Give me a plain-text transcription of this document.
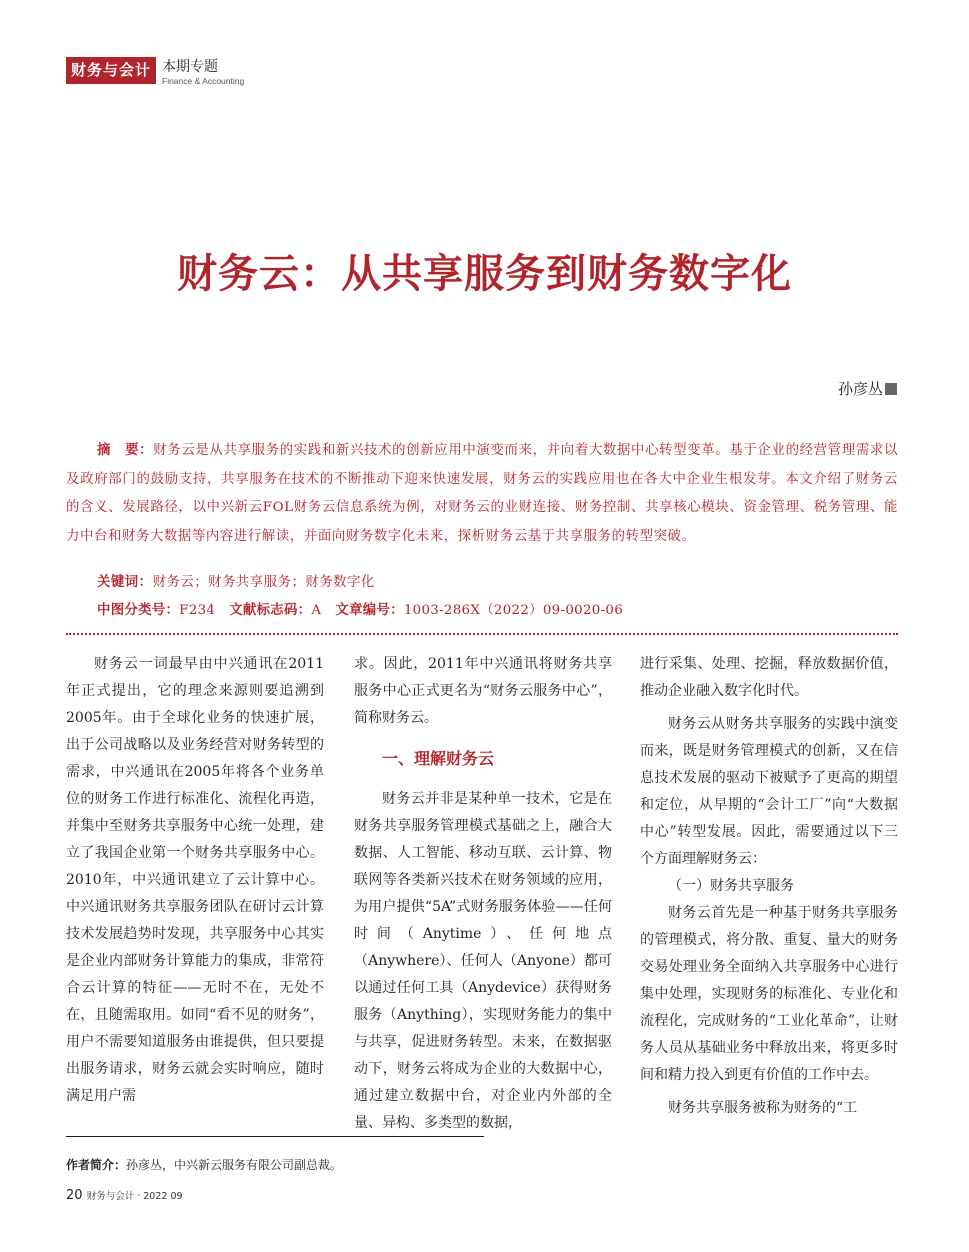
财务与会计 本期专题
Finance & Accounting
财务云：从共享服务到财务数字化
孙彦丛
摘　要：财务云是从共享服务的实践和新兴技术的创新应用中演变而来，并向着大数据中心转型变革。基于企业的经营管理需求以及政府部门的鼓励支持，共享服务在技术的不断推动下迎来快速发展，财务云的实践应用也在各大中企业生根发芽。本文介绍了财务云的含义、发展路径，以中兴新云FOL财务云信息系统为例，对财务云的业财连接、财务控制、共享核心模块、资金管理、税务管理、能力中台和财务大数据等内容进行解读，并面向财务数字化未来，探析财务云基于共享服务的转型突破。
关键词：财务云；财务共享服务；财务数字化
中图分类号：F234 文献标志码：A 文章编号：1003-286X（2022）09-0020-06

财务云一词最早由中兴通讯在2011年正式提出，它的理念来源则要追溯到2005年。由于全球化业务的快速扩展，出于公司战略以及业务经营对财务转型的需求，中兴通讯在2005年将各个业务单位的财务工作进行标准化、流程化再造，并集中至财务共享服务中心统一处理，建立了我国企业第一个财务共享服务中心。2010年，中兴通讯建立了云计算中心。中兴通讯财务共享服务团队在研讨云计算技术发展趋势时发现，共享服务中心其实是企业内部财务计算能力的集成，非常符合云计算的特征——无时不在，无处不在，且随需取用。如同“看不见的财务”，用户不需要知道服务由谁提供，但只要提出服务请求，财务云就会实时响应，随时满足用户需

求。因此，2011年中兴通讯将财务共享服务中心正式更名为“财务云服务中心”，简称财务云。

一、理解财务云

财务云并非是某种单一技术，它是在财务共享服务管理模式基础之上，融合大数据、人工智能、移动互联、云计算、物联网等各类新兴技术在财务领域的应用，为用户提供“5A”式财务服务体验——任何时间（Anytime）、任何地点（Anywhere）、任何人（Anyone）都可以通过任何工具（Anydevice）获得财务服务（Anything），实现财务能力的集中与共享，促进财务转型。未来，在数据驱动下，财务云将成为企业的大数据中心，通过建立数据中台，对企业内外部的全量、异构、多类型的数据，

进行采集、处理、挖掘，释放数据价值，推动企业融入数字化时代。

财务云从财务共享服务的实践中演变而来，既是财务管理模式的创新，又在信息技术发展的驱动下被赋予了更高的期望和定位，从早期的“会计工厂”向“大数据中心”转型发展。因此，需要通过以下三个方面理解财务云：

（一）财务共享服务

财务云首先是一种基于财务共享服务的管理模式，将分散、重复、量大的财务交易处理业务全面纳入共享服务中心进行集中处理，实现财务的标准化、专业化和流程化，完成财务的“工业化革命”，让财务人员从基础业务中释放出来，将更多时间和精力投入到更有价值的工作中去。

财务共享服务被称为财务的“工

作者简介：孙彦丛，中兴新云服务有限公司副总裁。
20 财务与会计 · 2022 09
